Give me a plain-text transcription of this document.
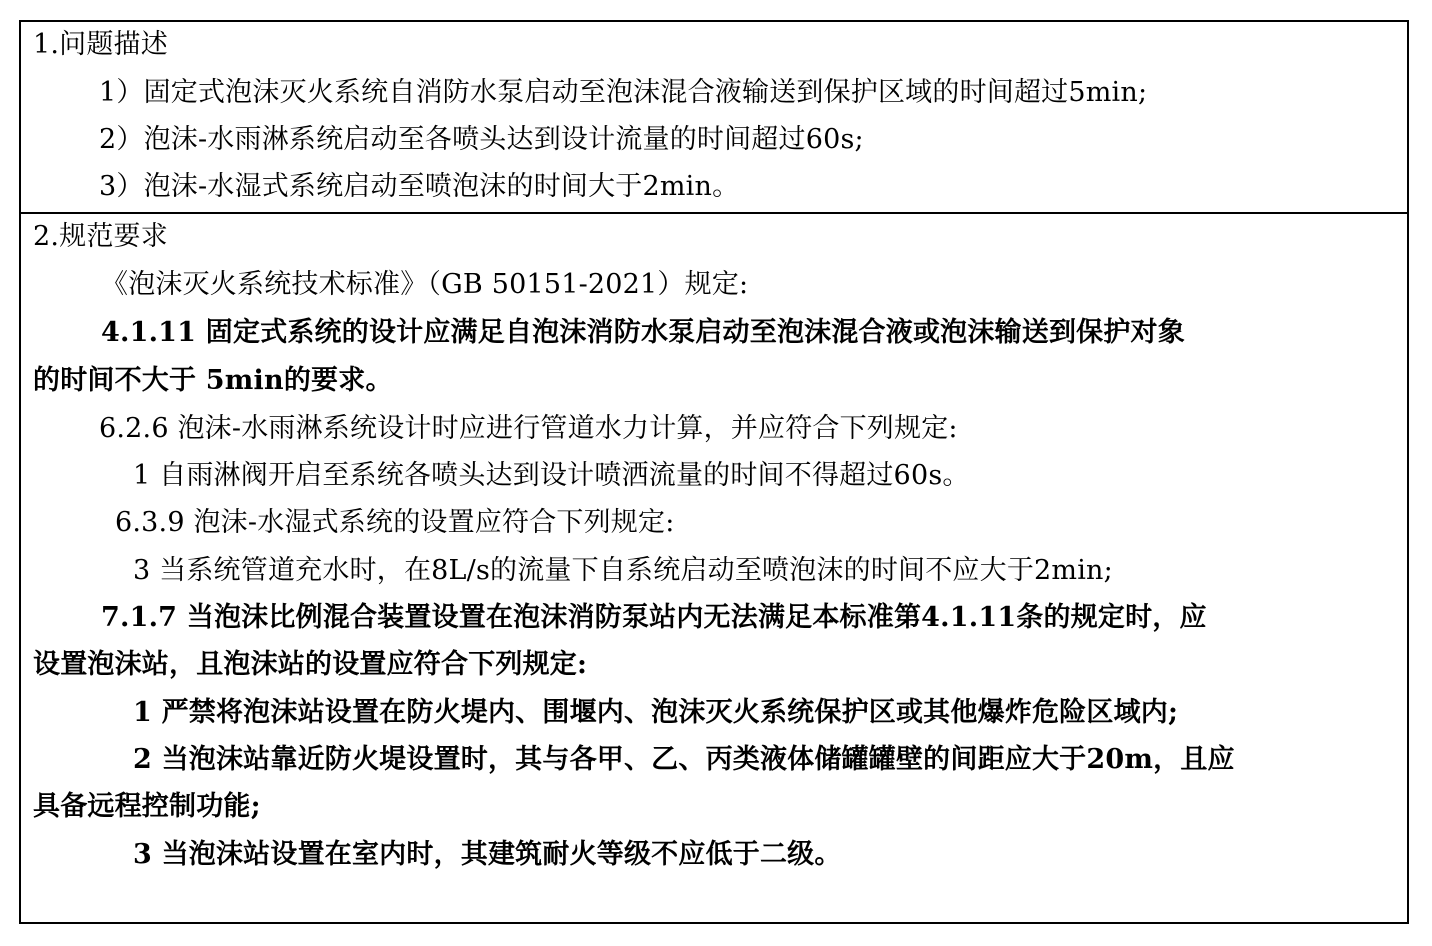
1.问题描述
1）固定式泡沫灭火系统自消防水泵启动至泡沫混合液输送到保护区域的时间超过5min;
2）泡沫-水雨淋系统启动至各喷头达到设计流量的时间超过60s;
3）泡沫-水湿式系统启动至喷泡沫的时间大于2min。
2.规范要求
《泡沫灭火系统技术标准》（GB 50151-2021）规定:
4.1.11 固定式系统的设计应满足自泡沫消防水泵启动至泡沫混合液或泡沫输送到保护对象
的时间不大于 5min的要求。
6.2.6 泡沫-水雨淋系统设计时应进行管道水力计算，并应符合下列规定:
1 自雨淋阀开启至系统各喷头达到设计喷洒流量的时间不得超过60s。
6.3.9 泡沫-水湿式系统的设置应符合下列规定:
3 当系统管道充水时，在8L/s的流量下自系统启动至喷泡沫的时间不应大于2min;
7.1.7 当泡沫比例混合装置设置在泡沫消防泵站内无法满足本标准第4.1.11条的规定时，应
设置泡沫站，且泡沫站的设置应符合下列规定:
1 严禁将泡沫站设置在防火堤内、围堰内、泡沫灭火系统保护区或其他爆炸危险区域内;
2 当泡沫站靠近防火堤设置时，其与各甲、乙、丙类液体储罐罐壁的间距应大于20m，且应
具备远程控制功能;
3 当泡沫站设置在室内时，其建筑耐火等级不应低于二级。
